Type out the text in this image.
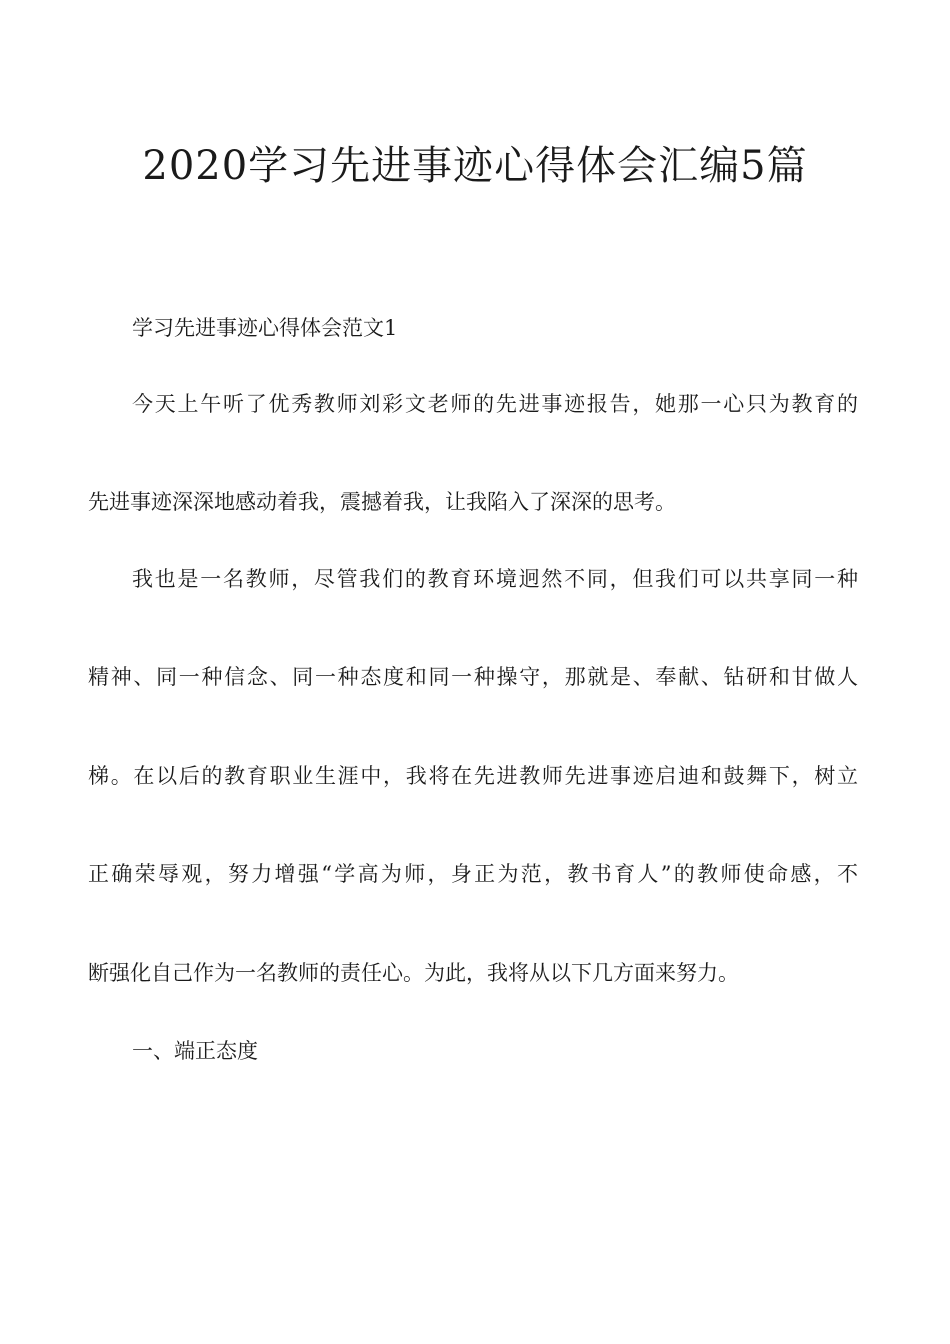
2020学习先进事迹心得体会汇编5篇

学习先进事迹心得体会范文1

今天上午听了优秀教师刘彩文老师的先进事迹报告，她那一心只为教育的

先进事迹深深地感动着我，震撼着我，让我陷入了深深的思考。

我也是一名教师，尽管我们的教育环境迥然不同，但我们可以共享同一种

精神、同一种信念、同一种态度和同一种操守，那就是、奉献、钻研和甘做人

梯。在以后的教育职业生涯中，我将在先进教师先进事迹启迪和鼓舞下，树立

正确荣辱观，努力增强“学高为师，身正为范，教书育人”的教师使命感，不

断强化自己作为一名教师的责任心。为此，我将从以下几方面来努力。

一、端正态度
